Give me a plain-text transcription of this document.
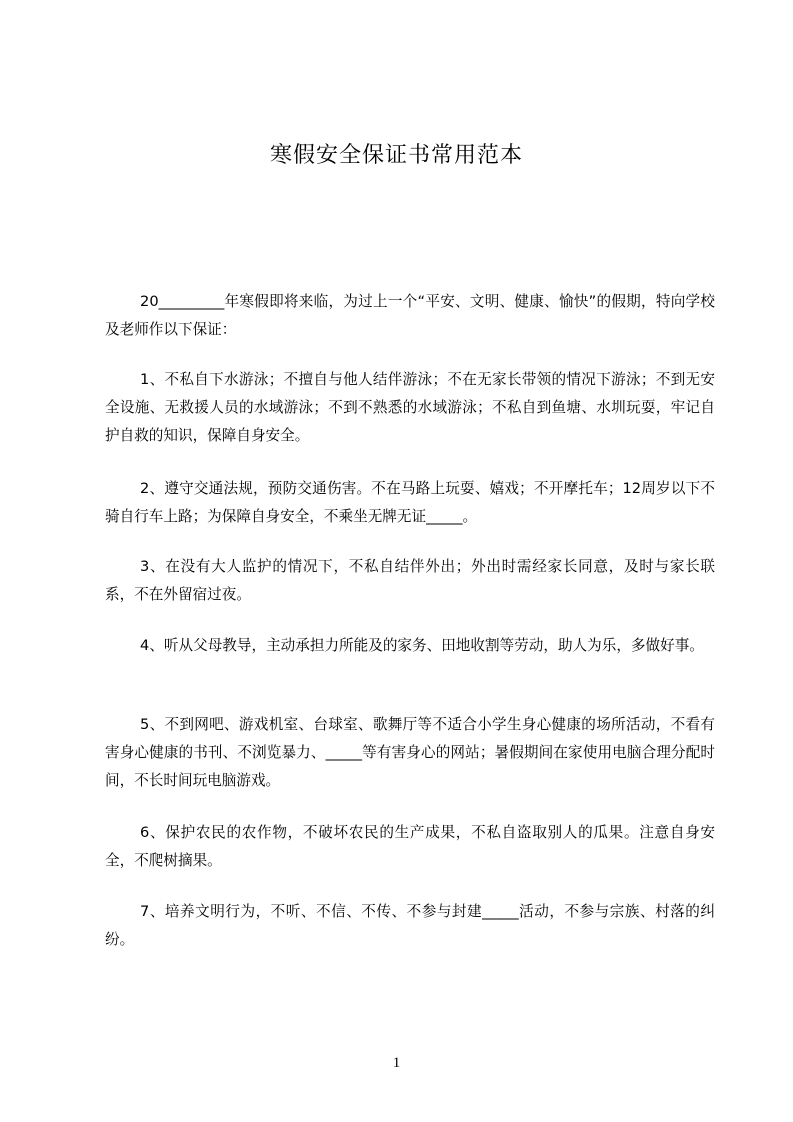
寒假安全保证书常用范本

20_________年寒假即将来临，为过上一个“平安、文明、健康、愉快”的假期，特向学校及老师作以下保证：

1、不私自下水游泳；不擅自与他人结伴游泳；不在无家长带领的情况下游泳；不到无安全设施、无救援人员的水域游泳；不到不熟悉的水域游泳；不私自到鱼塘、水圳玩耍，牢记自护自救的知识，保障自身安全。

2、遵守交通法规，预防交通伤害。不在马路上玩耍、嬉戏；不开摩托车；12周岁以下不骑自行车上路；为保障自身安全，不乘坐无牌无证_____。

3、在没有大人监护的情况下，不私自结伴外出；外出时需经家长同意，及时与家长联系，不在外留宿过夜。

4、听从父母教导，主动承担力所能及的家务、田地收割等劳动，助人为乐，多做好事。

5、不到网吧、游戏机室、台球室、歌舞厅等不适合小学生身心健康的场所活动，不看有害身心健康的书刊、不浏览暴力、_____等有害身心的网站；暑假期间在家使用电脑合理分配时间，不长时间玩电脑游戏。

6、保护农民的农作物，不破坏农民的生产成果，不私自盗取别人的瓜果。注意自身安全，不爬树摘果。

7、培养文明行为，不听、不信、不传、不参与封建_____活动，不参与宗族、村落的纠纷。

1
